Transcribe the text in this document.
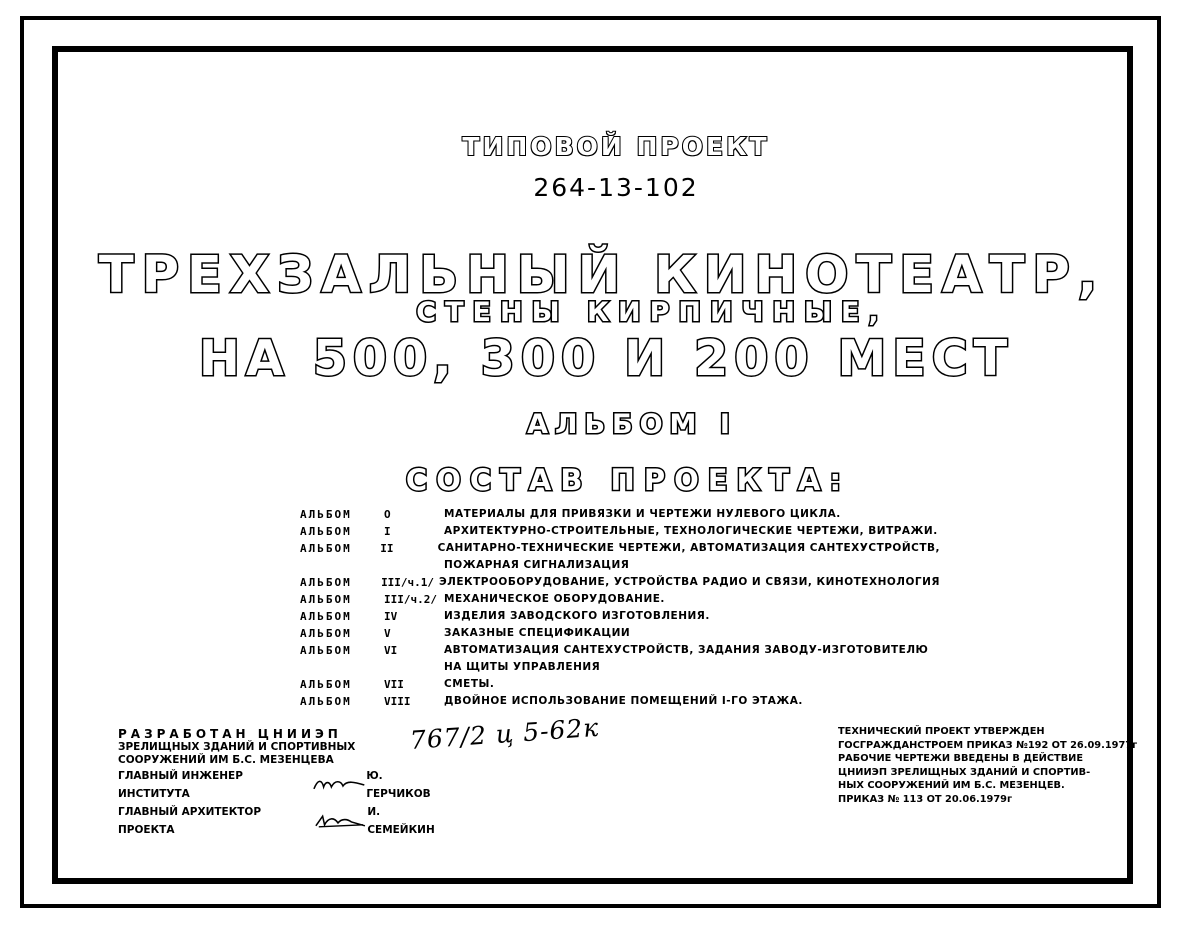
ТИПОВОЙ ПРОЕКТ
264-13-102
ТРЕХЗАЛЬНЫЙ КИНОТЕАТР,
СТЕНЫ КИРПИЧНЫЕ,
НА 500, 300 И 200 МЕСТ
АЛЬБОМ I
СОСТАВ ПРОЕКТА:
АЛЬБОМ	O	МАТЕРИАЛЫ ДЛЯ ПРИВЯЗКИ И ЧЕРТЕЖИ НУЛЕВОГО ЦИКЛА.
АЛЬБОМ	I	АРХИТЕКТУРНО-СТРОИТЕЛЬНЫЕ, ТЕХНОЛОГИЧЕСКИЕ ЧЕРТЕЖИ, ВИТРАЖИ.
АЛЬБОМ	II	САНИТАРНО-ТЕХНИЧЕСКИЕ ЧЕРТЕЖИ, АВТОМАТИЗАЦИЯ САНТЕХУСТРОЙСТВ,
ПОЖАРНАЯ СИГНАЛИЗАЦИЯ
АЛЬБОМ	III/ч.1/ ЭЛЕКТРООБОРУДОВАНИЕ, УСТРОЙСТВА РАДИО И СВЯЗИ, КИНОТЕХНОЛОГИЯ
АЛЬБОМ	III/ч.2/ МЕХАНИЧЕСКОЕ ОБОРУДОВАНИЕ.
АЛЬБОМ	IV	ИЗДЕЛИЯ ЗАВОДСКОГО ИЗГОТОВЛЕНИЯ.
АЛЬБОМ	V	ЗАКАЗНЫЕ СПЕЦИФИКАЦИИ
АЛЬБОМ	VI	АВТОМАТИЗАЦИЯ САНТЕХУСТРОЙСТВ, ЗАДАНИЯ ЗАВОДУ-ИЗГОТОВИТЕЛЮ
НА ЩИТЫ УПРАВЛЕНИЯ
АЛЬБОМ	VII	СМЕТЫ.
АЛЬБОМ	VIII	ДВОЙНОЕ ИСПОЛЬЗОВАНИЕ ПОМЕЩЕНИЙ I-ГО ЭТАЖА.
РАЗРАБОТАН ЦНИИЭП
ЗРЕЛИЩНЫХ ЗДАНИЙ И СПОРТИВНЫХ
СООРУЖЕНИЙ ИМ Б.С. МЕЗЕНЦЕВА
ГЛАВНЫЙ ИНЖЕНЕР ИНСТИТУТА
Ю. ГЕРЧИКОВ
ГЛАВНЫЙ АРХИТЕКТОР ПРОЕКТА
И. СЕМЕЙКИН
767/2 ц 5-62к	ТЕХНИЧЕСКИЙ ПРОЕКТ УТВЕРЖДЕН
ГОСГРАЖДАНСТРОЕМ ПРИКАЗ №192 ОТ 26.09.1977г
РАБОЧИЕ ЧЕРТЕЖИ ВВЕДЕНЫ В ДЕЙСТВИЕ
ЦНИИЭП ЗРЕЛИЩНЫХ ЗДАНИЙ И СПОРТИВ-
НЫХ СООРУЖЕНИЙ ИМ Б.С. МЕЗЕНЦЕВ.
ПРИКАЗ № 113 ОТ 20.06.1979г
